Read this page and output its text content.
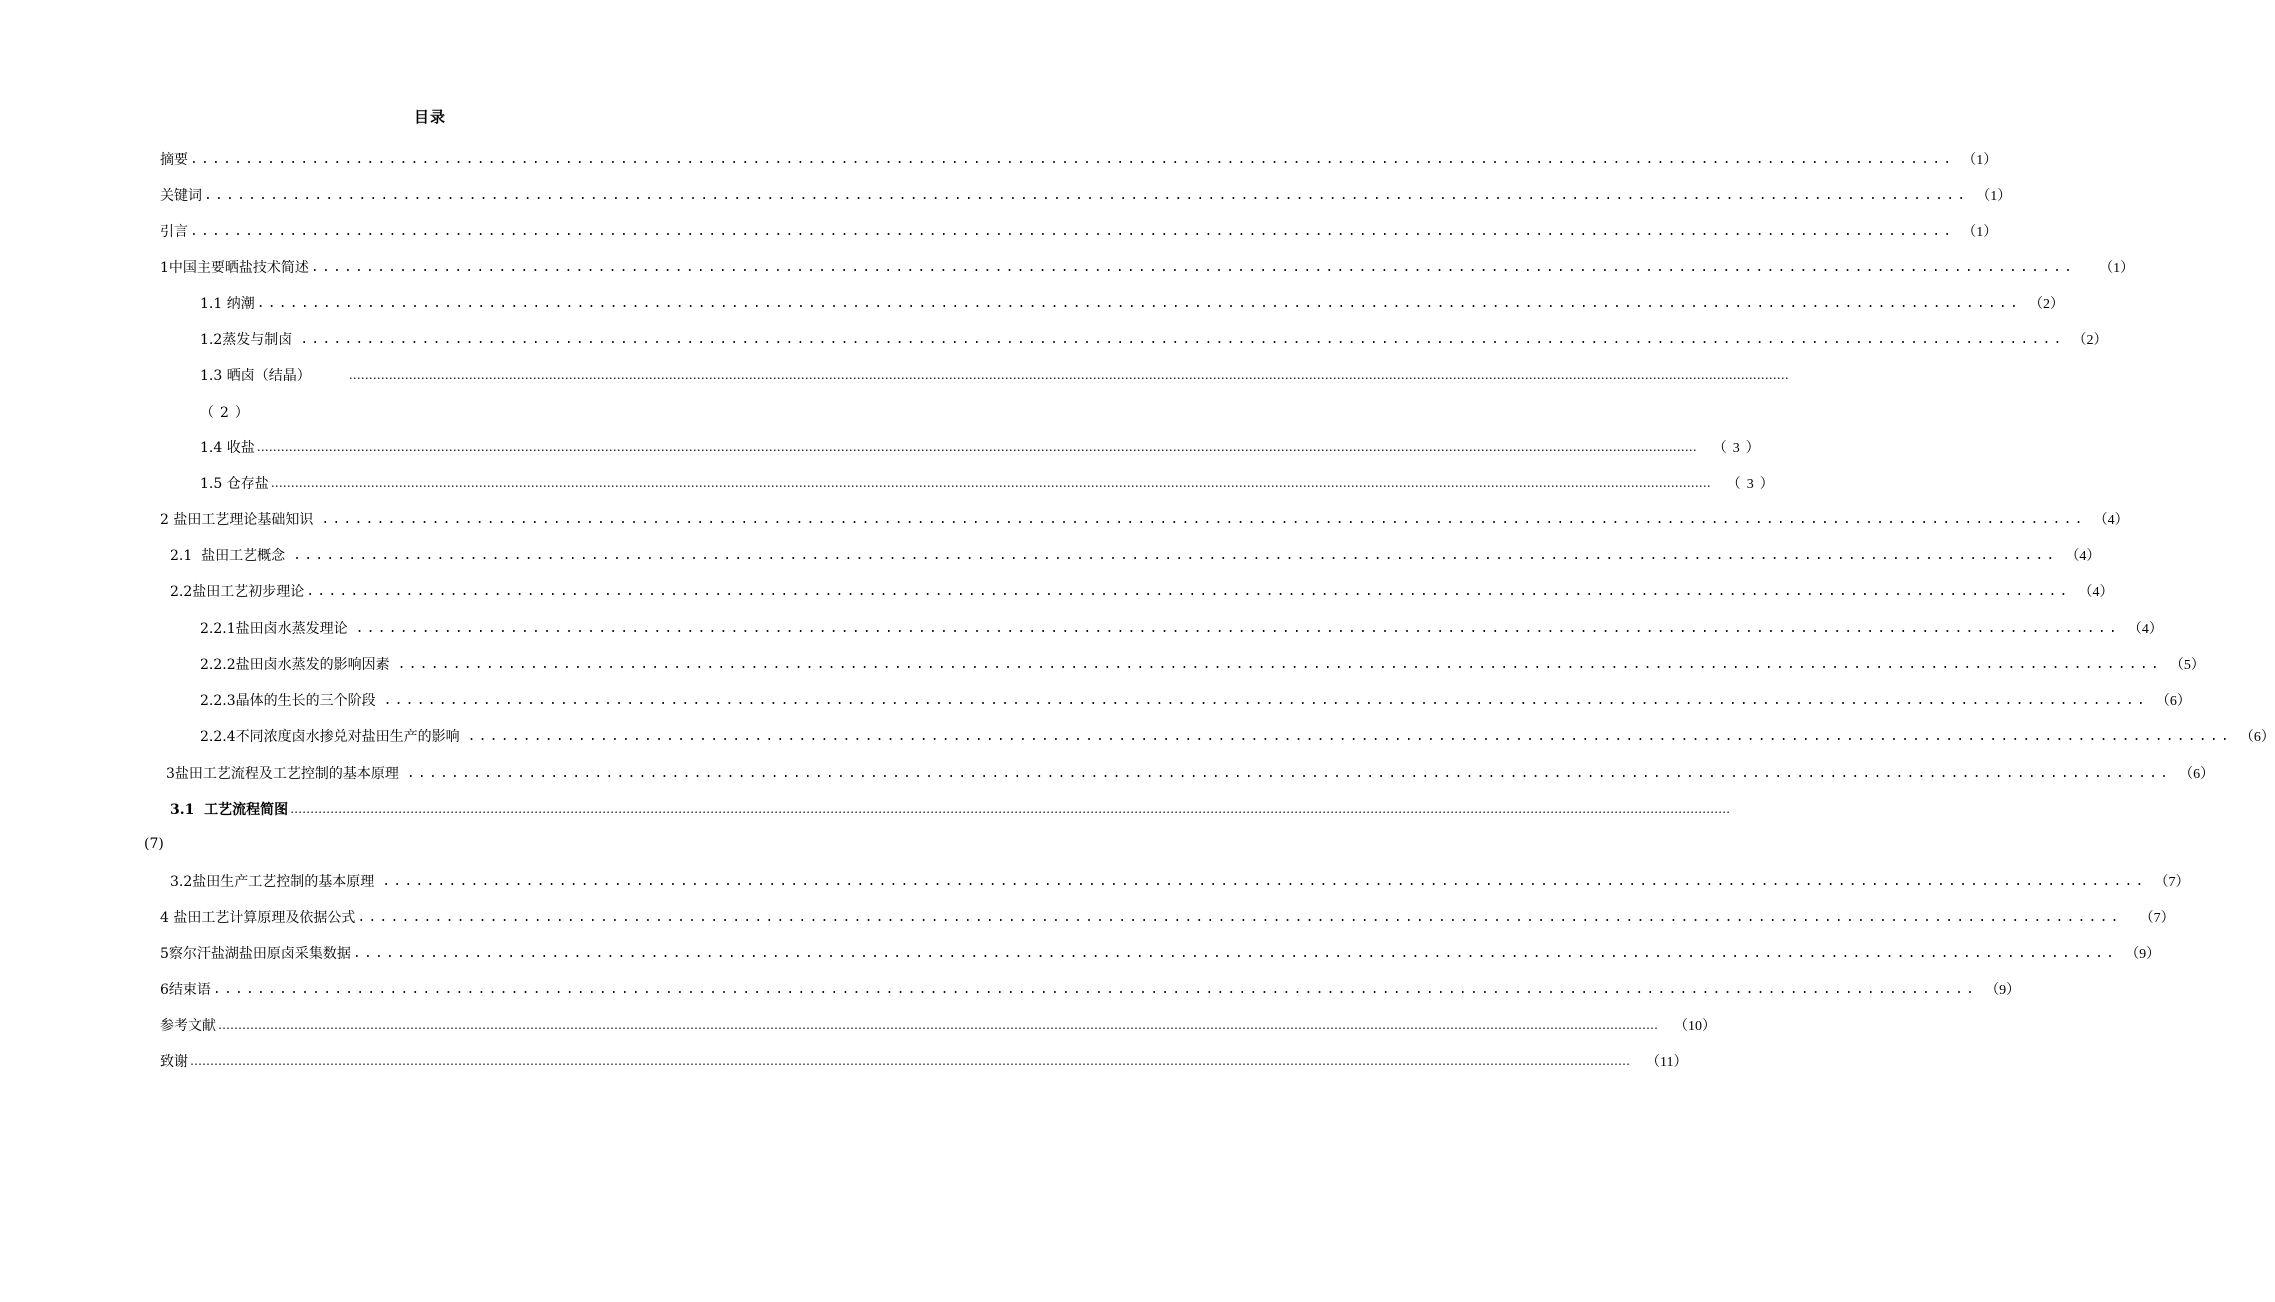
目录
摘要 ................................................................................................................................................................ （1）
关键词 ................................................................................................................................................................ （1）
引言 ................................................................................................................................................................ （1）
1中国主要晒盐技术简述 ................................................................................................................................................................ （1）
1.1 纳潮 ................................................................................................................................................................ （2）
1.2蒸发与制卤 ................................................................................................................................................................ （2）
1.3 晒卤（结晶）	………………………………………………………………………………………………………………………………………………………………………………………………………………………………………………………………………………………………………………………………
（2）
1.4 收盐 ……………………………………………………………………………………………………………………………………………………………………………………………………………………………………………………………………………………………………………………………… （3）
1.5 仓存盐 ……………………………………………………………………………………………………………………………………………………………………………………………………………………………………………………………………………………………………………………………… （3）
2 盐田工艺理论基础知识 ................................................................................................................................................................ （4）
2.1  盐田工艺概念 ................................................................................................................................................................ （4）
2.2盐田工艺初步理论 ................................................................................................................................................................ （4）
2.2.1盐田卤水蒸发理论 ................................................................................................................................................................ （4）
2.2.2盐田卤水蒸发的影响因素 ................................................................................................................................................................ （5）
2.2.3晶体的生长的三个阶段 ................................................................................................................................................................ （6）
2.2.4不同浓度卤水掺兑对盐田生产的影响 ................................................................................................................................................................ （6）
3盐田工艺流程及工艺控制的基本原理 ................................................................................................................................................................ （6）
3.1  工艺流程简图 ………………………………………………………………………………………………………………………………………………………………………………………………………………………………………………………………………………………………………………………………
(7)
3.2盐田生产工艺控制的基本原理 ................................................................................................................................................................ （7）
4 盐田工艺计算原理及依据公式 ................................................................................................................................................................ （7）
5察尔汗盐湖盐田原卤采集数据 ................................................................................................................................................................ （9）
6结束语 ................................................................................................................................................................ （9）
参考文献 ……………………………………………………………………………………………………………………………………………………………………………………………………………………………………………………………………………………………………………………………… （10）
致谢 ……………………………………………………………………………………………………………………………………………………………………………………………………………………………………………………………………………………………………………………………… （11）
